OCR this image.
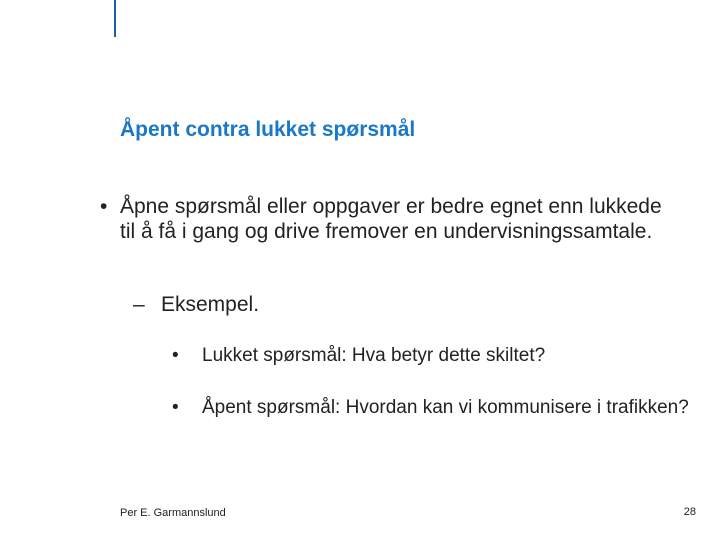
Åpent contra lukket spørsmål
• Åpne spørsmål eller oppgaver er bedre egnet enn lukkede til å få i gang og drive fremover en undervisningssamtale.
– Eksempel.
•	Lukket spørsmål: Hva betyr dette skiltet?
•	Åpent spørsmål: Hvordan kan vi kommunisere i trafikken?
Per E. Garmannslund	28
